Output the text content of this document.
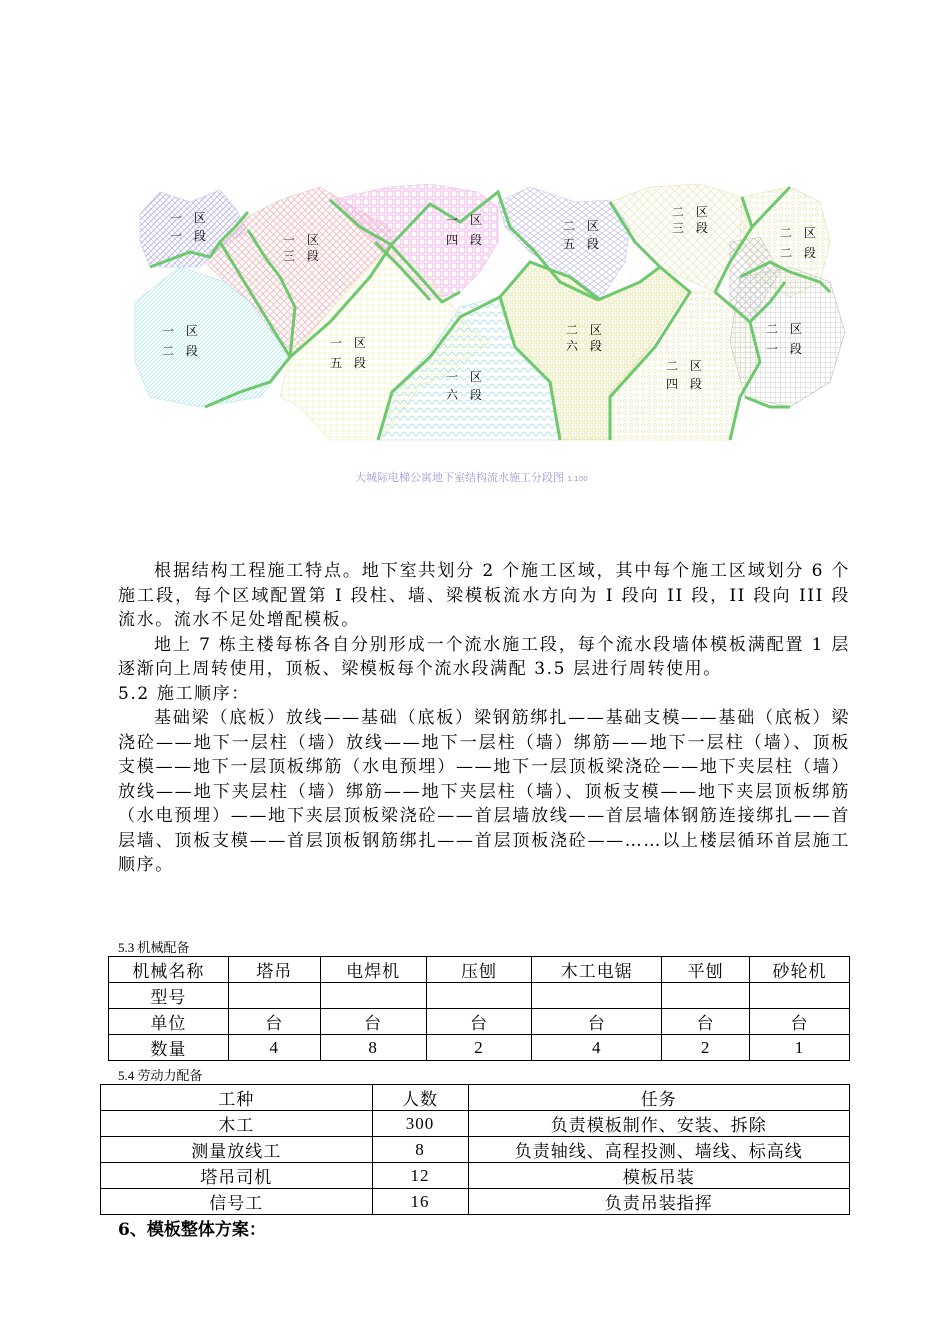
一 区
一 段	一 区
三 段
一 区
四 段
二 区
五 段
二 区
三 段	二 区
二 段
一 区
二 段
一 区
五 段
一 区
六 段
二 区
六 段
二 区
四 段
二 区
一 段
大城际电梯公寓地下室结构流水施工分段图 1:100

根据结构工程施工特点。地下室共划分 2 个施工区域，其中每个施工区域划分 6 个施工段，每个区域配置第 I 段柱、墙、梁模板流水方向为 I 段向 II 段，II 段向 III 段流水。流水不足处增配模板。

地上 7 栋主楼每栋各自分别形成一个流水施工段，每个流水段墙体模板满配置 1 层逐渐向上周转使用，顶板、梁模板每个流水段满配 3.5 层进行周转使用。

5.2 施工顺序：

基础梁（底板）放线——基础（底板）梁钢筋绑扎——基础支模——基础（底板）梁浇砼——地下一层柱（墙）放线——地下一层柱（墙）绑筋——地下一层柱（墙）、顶板支模——地下一层顶板绑筋（水电预埋）——地下一层顶板梁浇砼——地下夹层柱（墙）放线——地下夹层柱（墙）绑筋——地下夹层柱（墙）、顶板支模——地下夹层顶板绑筋（水电预埋）——地下夹层顶板梁浇砼——首层墙放线——首层墙体钢筋连接绑扎——首层墙、顶板支模——首层顶板钢筋绑扎——首层顶板浇砼——……以上楼层循环首层施工顺序。

5.3 机械配备
机械名称	塔吊	电焊机	压刨	木工电锯	平刨	砂轮机
型号						
单位	台	台	台	台	台	台
数量	4	8	2	4	2	1
5.4 劳动力配备
工种	人数	任务
木工	300	负责模板制作、安装、拆除
测量放线工	8	负责轴线、高程投测、墙线、标高线
塔吊司机	12	模板吊装
信号工	16	负责吊装指挥
6、模板整体方案：
